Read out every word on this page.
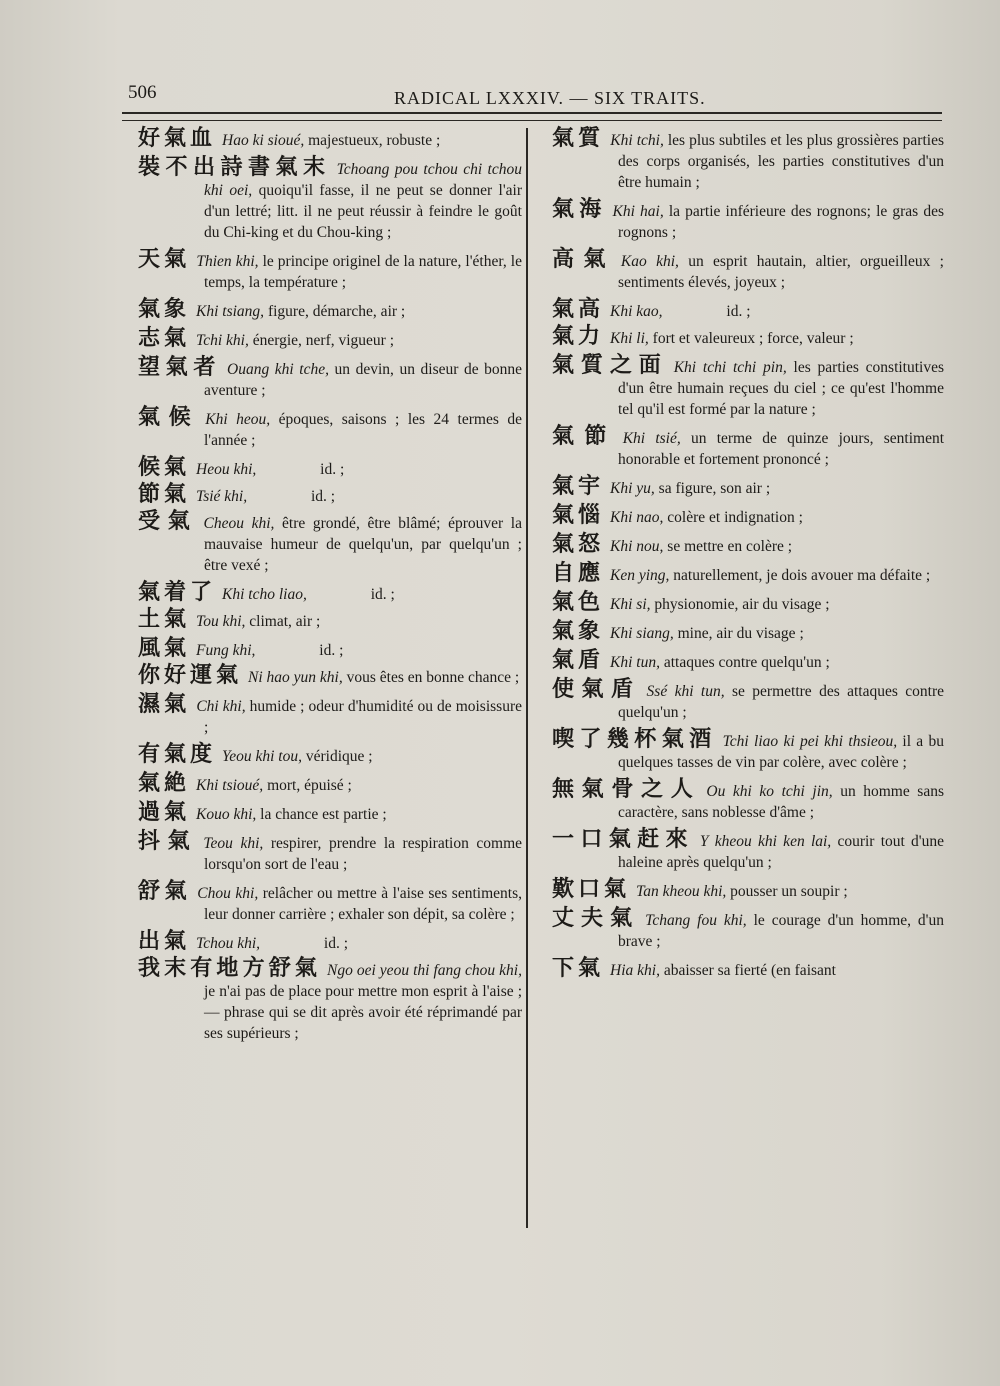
506	RADICAL LXXXIV. — SIX TRAITS.
好氣血 Hao ki sioué, majestueux, robuste ;
裝不出詩書氣末 Tchoang pou tchou chi tchou khi oei, quoiqu'il fasse, il ne peut se donner l'air d'un lettré; litt. il ne peut réussir à feindre le goût du Chi-king et du Chou-king ;
天氣 Thien khi, le principe originel de la nature, l'éther, le temps, la température ;
氣象 Khi tsiang, figure, démarche, air ;
志氣 Tchi khi, énergie, nerf, vigueur ;
望氣者 Ouang khi tche, un devin, un diseur de bonne aventure ;
氣候 Khi heou, époques, saisons ; les 24 termes de l'année ;
候氣 Heou khi,	id. ;
節氣 Tsié khi,	id. ;
受氣 Cheou khi, être grondé, être blâmé; éprouver la mauvaise humeur de quelqu'un, par quelqu'un ; être vexé ;
氣着了 Khi tcho liao,	id. ;
土氣 Tou khi, climat, air ;
風氣 Fung khi,	id. ;
你好運氣 Ni hao yun khi, vous êtes en bonne chance ;
濕氣 Chi khi, humide ; odeur d'humidité ou de moisissure ;
有氣度 Yeou khi tou, véridique ;
氣絶 Khi tsioué, mort, épuisé ;
過氣 Kouo khi, la chance est partie ;
抖氣 Teou khi, respirer, prendre la respiration comme lorsqu'on sort de l'eau ;
舒氣 Chou khi, relâcher ou mettre à l'aise ses sentiments, leur donner carrière ; exhaler son dépit, sa colère ;
出氣 Tchou khi,	id. ;
我末有地方舒氣 Ngo oei yeou thi fang chou khi, je n'ai pas de place pour mettre mon esprit à l'aise ; — phrase qui se dit après avoir été réprimandé par ses supérieurs ;
氣質 Khi tchi, les plus subtiles et les plus grossières parties des corps organisés, les parties constitutives d'un être humain ;
氣海 Khi hai, la partie inférieure des rognons; le gras des rognons ;
高氣 Kao khi, un esprit hautain, altier, orgueilleux ; sentiments élevés, joyeux ;
氣高 Khi kao,	id. ;
氣力 Khi li, fort et valeureux ; force, valeur ;
氣質之面 Khi tchi tchi pin, les parties constitutives d'un être humain reçues du ciel ; ce qu'est l'homme tel qu'il est formé par la nature ;
氣節 Khi tsié, un terme de quinze jours, sentiment honorable et fortement prononcé ;
氣宇 Khi yu, sa figure, son air ;
氣惱 Khi nao, colère et indignation ;
氣怒 Khi nou, se mettre en colère ;
自應 Ken ying, naturellement, je dois avouer ma défaite ;
氣色 Khi si, physionomie, air du visage ;
氣象 Khi siang, mine, air du visage ;
氣盾 Khi tun, attaques contre quelqu'un ;
使氣盾 Ssé khi tun, se permettre des attaques contre quelqu'un ;
喫了幾杯氣酒 Tchi liao ki pei khi thsieou, il a bu quelques tasses de vin par colère, avec colère ;
無氣骨之人 Ou khi ko tchi jin, un homme sans caractère, sans noblesse d'âme ;
一口氣赶來 Y kheou khi ken lai, courir tout d'une haleine après quelqu'un ;
歎口氣 Tan kheou khi, pousser un soupir ;
丈夫氣 Tchang fou khi, le courage d'un homme, d'un brave ;
下氣 Hia khi, abaisser sa fierté (en faisant
